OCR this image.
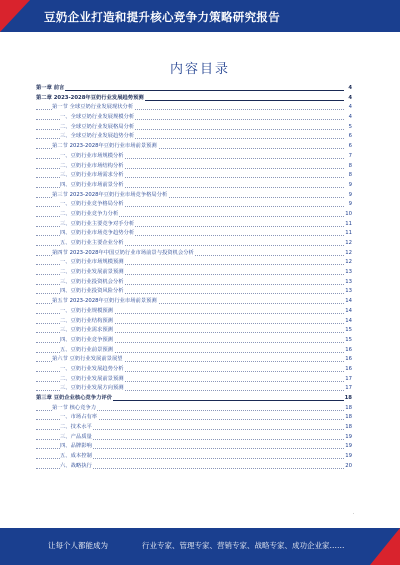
豆奶企业打造和提升核心竞争力策略研究报告
内容目录
第一章 前言	4
第二章 2023-2028年豆奶行业发展趋势预测	4
第一节 全球豆奶行业发展现状分析	4
一、全球豆奶行业发展规模分析	4
二、全球豆奶行业发展格局分析	5
三、全球豆奶行业发展趋势分析	6
第二节 2023-2028年豆奶行业市场前景预测	6
一、豆奶行业市场规模分析	7
二、豆奶行业市场结构分析	8
三、豆奶行业市场需求分析	8
四、豆奶行业市场前景分析	9
第三节 2023-2028年豆奶行业市场竞争格局分析	9
一、豆奶行业竞争格局分析	9
二、豆奶行业竞争力分析	10
三、豆奶行业主要竞争对手分析	11
四、豆奶行业市场竞争趋势分析	11
五、豆奶行业主要企业分析	12
第四节 2023-2028年中国豆奶行业市场前景与投资机会分析	12
一、豆奶行业市场规模预测	12
二、豆奶行业发展前景预测	13
三、豆奶行业投资机会分析	13
四、豆奶行业投资风险分析	13
第五节 2023-2028年豆奶行业市场前景预测	14
一、豆奶行业规模预测	14
二、豆奶行业结构预测	14
三、豆奶行业需求预测	15
四、豆奶行业竞争预测	15
五、豆奶行业前景预测	16
第六节 豆奶行业发展前景展望	16
一、豆奶行业发展趋势分析	16
二、豆奶行业发展前景预测	17
三、豆奶行业发展方向预测	17
第三章 豆奶企业核心竞争力评价	18
第一节 核心竞争力	18
一、市场占有率	18
二、技术水平	18
三、产品质量	19
四、品牌影响	19
五、成本控制	19
六、战略执行	20
·
让每个人都能成为	行业专家、管理专家、营销专家、战略专家、成功企业家……
